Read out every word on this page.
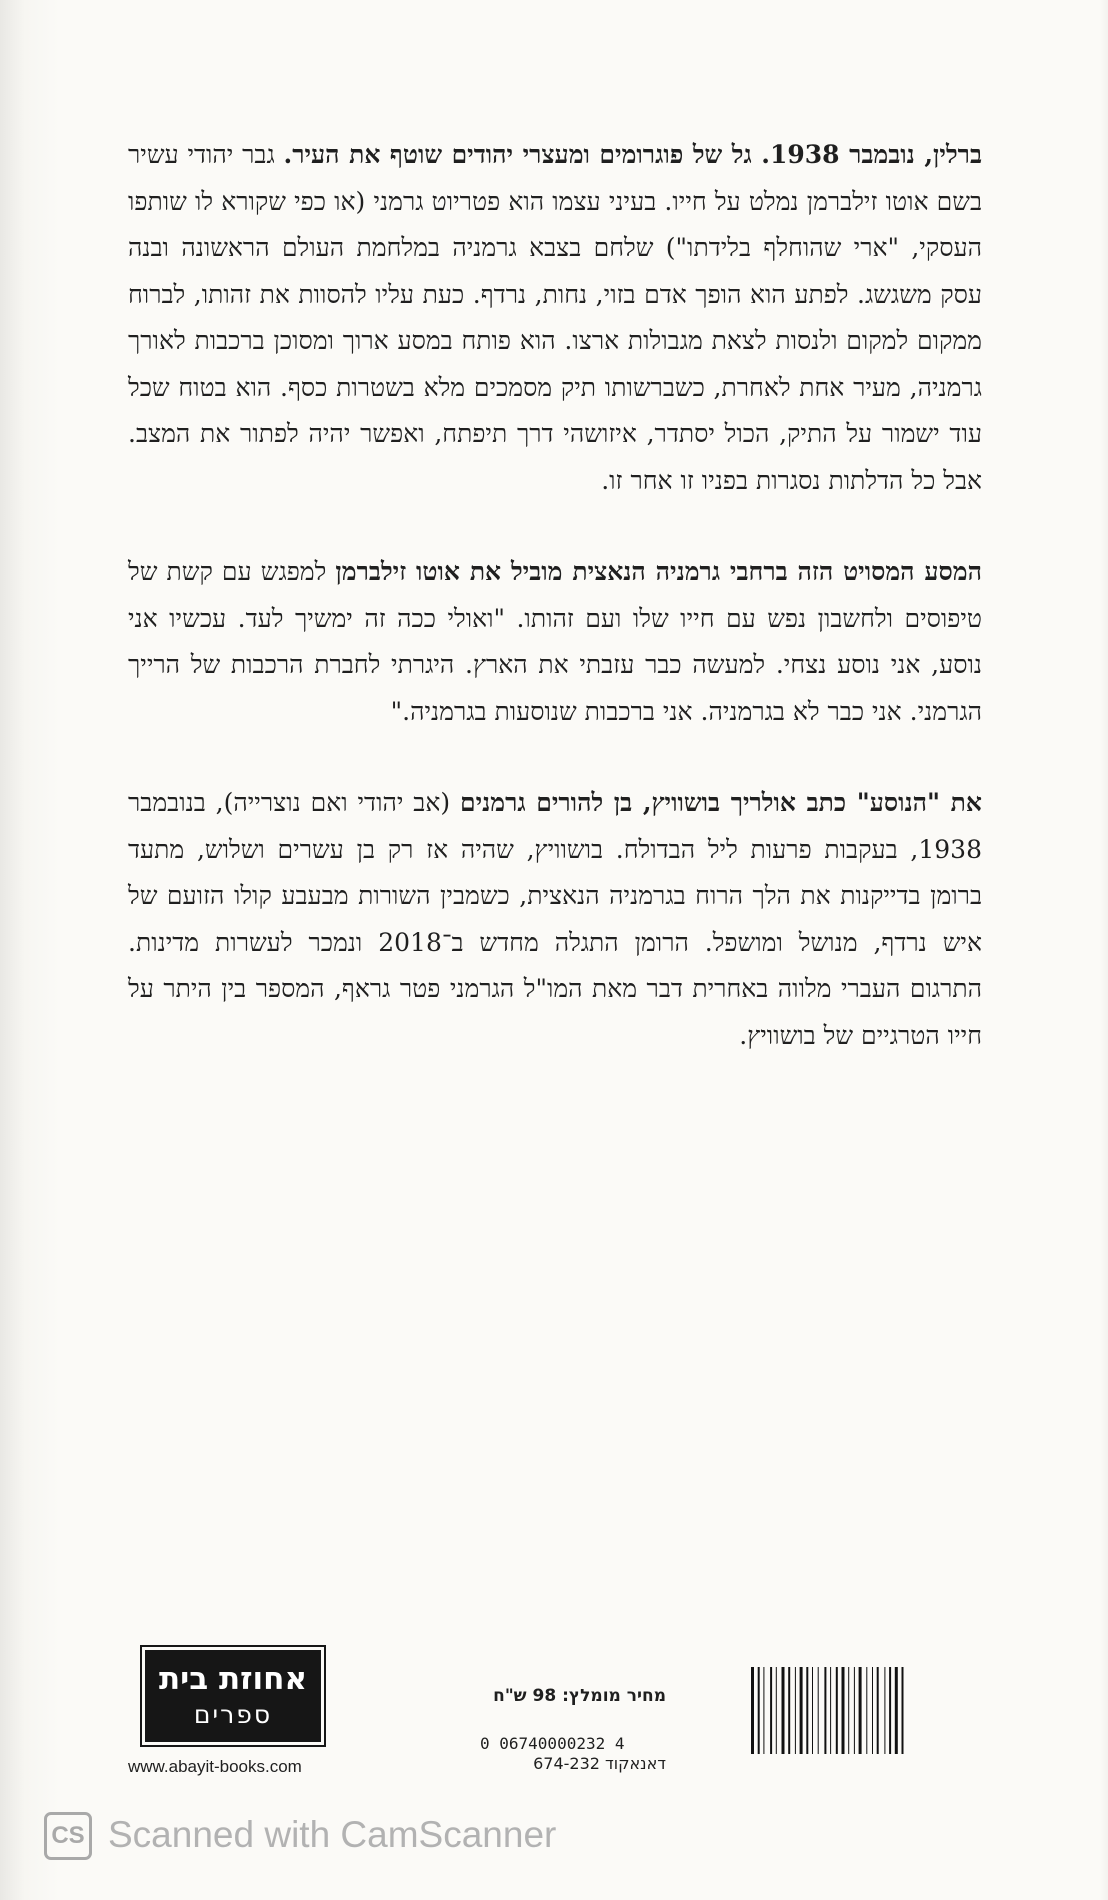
ברלין, נובמבר 1938. גל של פוגרומים ומעצרי יהודים שוטף את העיר. גבר יהודי עשיר בשם אוטו זילברמן נמלט על חייו. בעיני עצמו הוא פטריוט גרמני (או כפי שקורא לו שותפו העסקי, "ארי שהוחלף בלידתו") שלחם בצבא גרמניה במלחמת העולם הראשונה ובנה עסק משגשג. לפתע הוא הופך אדם בזוי, נחות, נרדף. כעת עליו להסוות את זהותו, לברוח ממקום למקום ולנסות לצאת מגבולות ארצו. הוא פותח במסע ארוך ומסוכן ברכבות לאורך גרמניה, מעיר אחת לאחרת, כשברשותו תיק מסמכים מלא בשטרות כסף. הוא בטוח שכל עוד ישמור על התיק, הכול יסתדר, איזושהי דרך תיפתח, ואפשר יהיה לפתור את המצב. אבל כל הדלתות נסגרות בפניו זו אחר זו.

המסע המסויט הזה ברחבי גרמניה הנאצית מוביל את אוטו זילברמן למפגש עם קשת של טיפוסים ולחשבון נפש עם חייו שלו ועם זהותו. "ואולי ככה זה ימשיך לעד. עכשיו אני נוסע, אני נוסע נצחי. למעשה כבר עזבתי את הארץ. היגרתי לחברת הרכבות של הרייך הגרמני. אני כבר לא בגרמניה. אני ברכבות שנוסעות בגרמניה."

את "הנוסע" כתב אולריך בושוויץ, בן להורים גרמנים (אב יהודי ואם נוצרייה), בנובמבר 1938, בעקבות פרעות ליל הבדולח. בושוויץ, שהיה אז רק בן עשרים ושלוש, מתעד ברומן בדייקנות את הלך הרוח בגרמניה הנאצית, כשמבין השורות מבעבע קולו הזועם של איש נרדף, מנושל ומושפל. הרומן התגלה מחדש ב־2018 ונמכר לעשרות מדינות. התרגום העברי מלווה באחרית דבר מאת המו"ל הגרמני פטר גראף, המספר בין היתר על חייו הטרגיים של בושוויץ.

אחוזת בית
ספרים
www.abayit-books.com
מחיר מומלץ: 98 ש"ח
0 06740000232 4
דאנאקוד 674-232
CS Scanned with CamScanner
